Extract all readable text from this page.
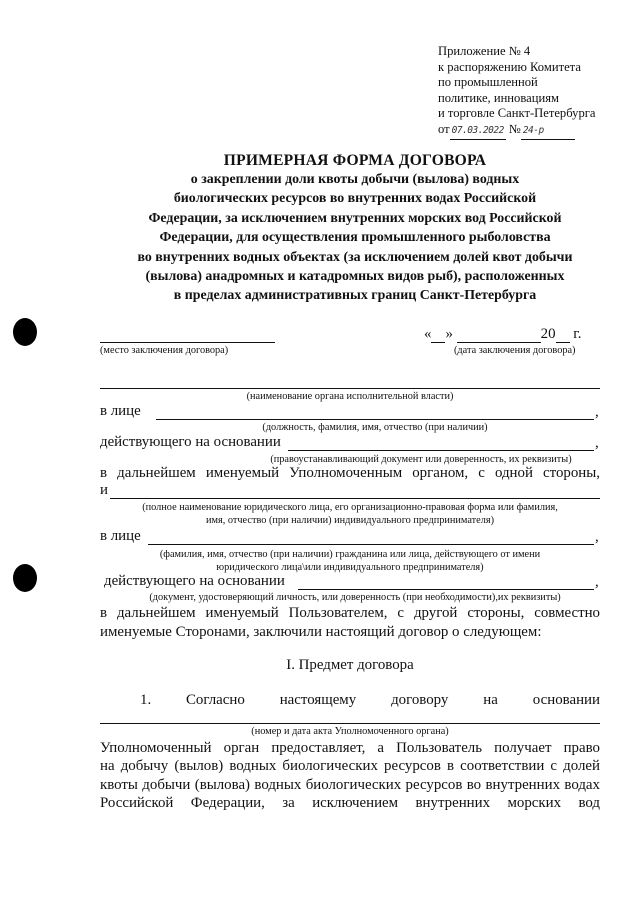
Приложение № 4
к распоряжению Комитета
по промышленной
политике, инновациям
и торговле Санкт-Петербурга
от 07.03.2022 № 24-р
ПРИМЕРНАЯ ФОРМА ДОГОВОРА
о закреплении доли квоты добычи (вылова) водных
биологических ресурсов во внутренних водах Российской
Федерации, за исключением внутренних морских вод Российской
Федерации, для осуществления промышленного рыболовства
во внутренних водных объектах (за исключением долей квот добычи
(вылова) анадромных и катадромных видов рыб), расположенных
в пределах административных границ Санкт-Петербурга
(место заключения договора)
« »	20 г.
(дата заключения договора)
(наименование органа исполнительной власти)
в лице	,
(должность, фамилия, имя, отчество (при наличии)
действующего на основании	,
(правоустанавливающий документ или доверенность, их реквизиты)
в дальнейшем именуемый Уполномоченным органом, с одной стороны,
и
(полное наименование юридического лица, его организационно-правовая форма или фамилия,
имя, отчество (при наличии) индивидуального предпринимателя)
в лице	,
(фамилия, имя, отчество (при наличии) гражданина или лица, действующего от имени
юридического лица\или индивидуального предпринимателя)
действующего на основании	,
(документ, удостоверяющий личность, или доверенность (при необходимости),их реквизиты)
в дальнейшем именуемый Пользователем, с другой стороны, совместно
именуемые Сторонами, заключили настоящий договор о следующем:
I. Предмет договора
1. Согласно настоящему договору на основании
(номер и дата акта Уполномоченного органа)
Уполномоченный орган предоставляет, а Пользователь получает право
на добычу (вылов) водных биологических ресурсов в соответствии с долей
квоты добычи (вылова) водных биологических ресурсов во внутренних водах
Российской Федерации, за исключением внутренних морских вод
